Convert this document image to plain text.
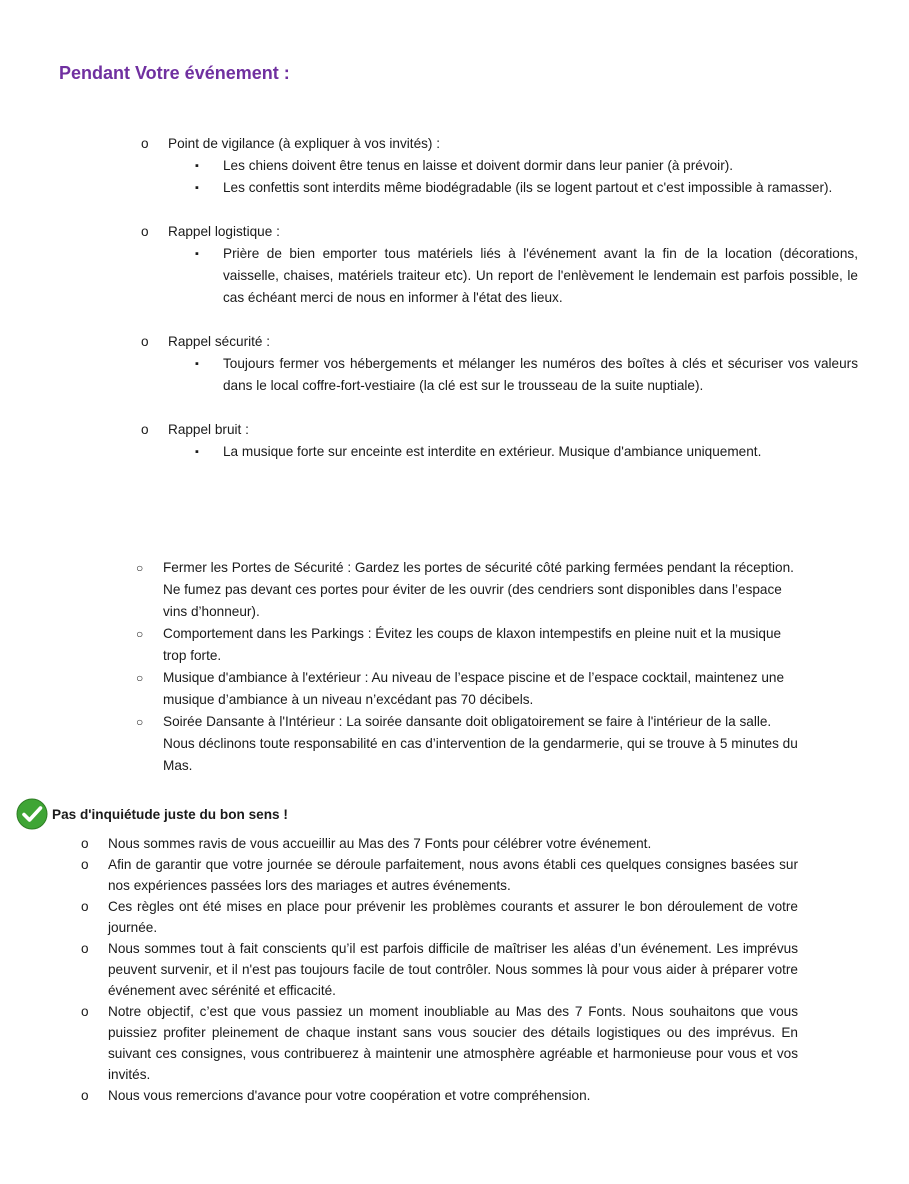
Pendant Votre événement :
o Point de vigilance (à expliquer à vos invités) :
▪ Les chiens doivent être tenus en laisse et doivent dormir dans leur panier (à prévoir).
▪ Les confettis sont interdits même biodégradable (ils se logent partout et c'est impossible à ramasser).
o Rappel logistique :
▪ Prière de bien emporter tous matériels liés à l'événement avant la fin de la location (décorations, vaisselle, chaises, matériels traiteur etc). Un report de l'enlèvement le lendemain est parfois possible, le cas échéant merci de nous en informer à l'état des lieux.
o Rappel sécurité :
▪ Toujours fermer vos hébergements et mélanger les numéros des boîtes à clés et sécuriser vos valeurs dans le local coffre-fort-vestiaire (la clé est sur le trousseau de la suite nuptiale).
o Rappel bruit :
▪ La musique forte sur enceinte est interdite en extérieur. Musique d'ambiance uniquement.
○ Fermer les Portes de Sécurité : Gardez les portes de sécurité côté parking fermées pendant la réception. Ne fumez pas devant ces portes pour éviter de les ouvrir (des cendriers sont disponibles dans l’espace vins d’honneur).
○ Comportement dans les Parkings : Évitez les coups de klaxon intempestifs en pleine nuit et la musique trop forte.
○ Musique d'ambiance à l'extérieur : Au niveau de l’espace piscine et de l’espace cocktail, maintenez une musique d’ambiance à un niveau n’excédant pas 70 décibels.
○ Soirée Dansante à l'Intérieur : La soirée dansante doit obligatoirement se faire à l'intérieur de la salle. Nous déclinons toute responsabilité en cas d’intervention de la gendarmerie, qui se trouve à 5 minutes du Mas.
Pas d'inquiétude juste du bon sens !
o Nous sommes ravis de vous accueillir au Mas des 7 Fonts pour célébrer votre événement.
o Afin de garantir que votre journée se déroule parfaitement, nous avons établi ces quelques consignes basées sur nos expériences passées lors des mariages et autres événements.
o Ces règles ont été mises en place pour prévenir les problèmes courants et assurer le bon déroulement de votre journée.
o Nous sommes tout à fait conscients qu’il est parfois difficile de maîtriser les aléas d’un événement. Les imprévus peuvent survenir, et il n'est pas toujours facile de tout contrôler. Nous sommes là pour vous aider à préparer votre événement avec sérénité et efficacité.
o Notre objectif, c’est que vous passiez un moment inoubliable au Mas des 7 Fonts. Nous souhaitons que vous puissiez profiter pleinement de chaque instant sans vous soucier des détails logistiques ou des imprévus. En suivant ces consignes, vous contribuerez à maintenir une atmosphère agréable et harmonieuse pour vous et vos invités.
o Nous vous remercions d'avance pour votre coopération et votre compréhension.
